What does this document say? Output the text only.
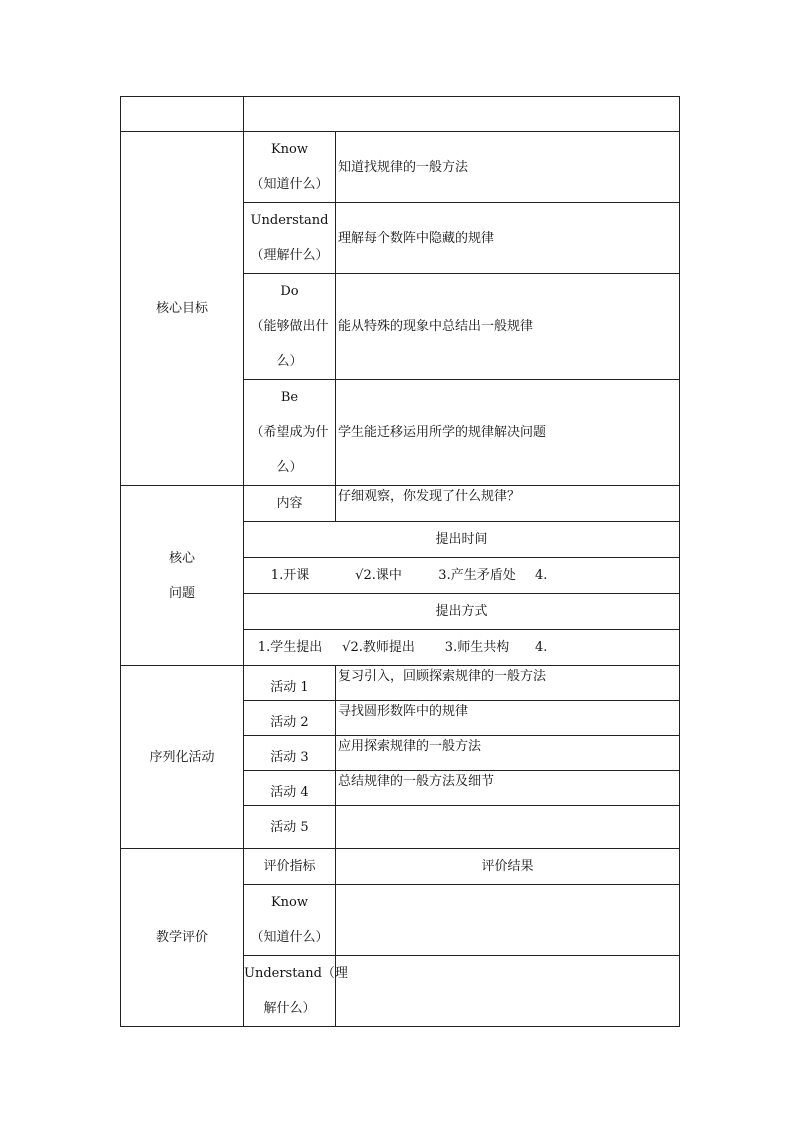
核心目标	
Know
（知道什么）
	知道找规律的一般方法

Understand
（理解什么）
	理解每个数阵中隐藏的规律

Do
（能够做出什
么）
	能从特殊的现象中总结出一般规律

Be
（希望成为什
么）
	学生能迁移运用所学的规律解决问题

核心
问题
	内容	仔细观察，你发现了什么规律？
提出时间

1.开课	√2.课中	3.产生矛盾处	4.

提出方式

1.学生提出	√2.教师提出	3.师生共构	4.

序列化活动	活动 1	复习引入，回顾探索规律的一般方法
活动 2	寻找圆形数阵中的规律
活动 3	应用探索规律的一般方法
活动 4	总结规律的一般方法及细节
活动 5	
教学评价	评价指标	评价结果

Know
（知道什么）

Understand（理
解什么）
